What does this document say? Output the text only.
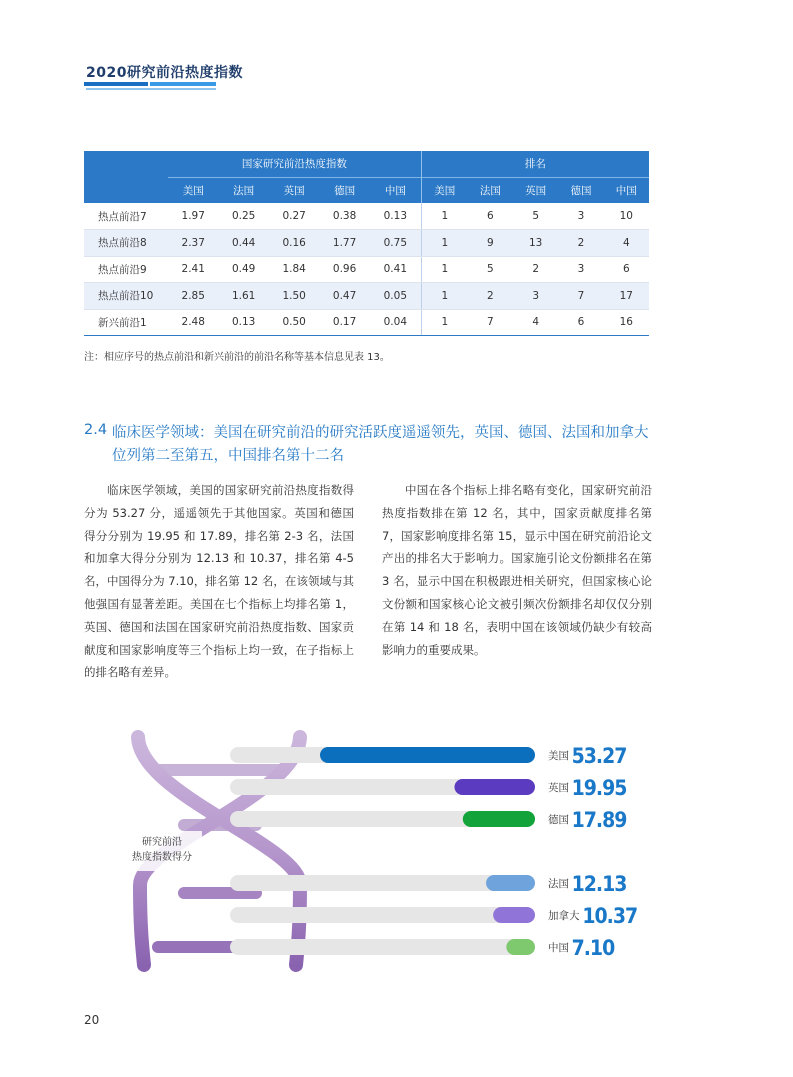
2020研究前沿热度指数
	国家研究前沿热度指数					排名				
	美国	法国	英国	德国	中国	美国	法国	英国	德国	中国
热点前沿7	1.97	0.25	0.27	0.38	0.13	1	6	5	3	10
热点前沿8	2.37	0.44	0.16	1.77	0.75	1	9	13	2	4
热点前沿9	2.41	0.49	1.84	0.96	0.41	1	5	2	3	6
热点前沿10	2.85	1.61	1.50	0.47	0.05	1	2	3	7	17
新兴前沿1	2.48	0.13	0.50	0.17	0.04	1	7	4	6	16
注：相应序号的热点前沿和新兴前沿的前沿名称等基本信息见表 13。
2.4 临床医学领域：美国在研究前沿的研究活跃度遥遥领先，英国、德国、法国和加拿大位列第二至第五，中国排名第十二名

临床医学领域，美国的国家研究前沿热度指数得分为 53.27 分，遥遥领先于其他国家。英国和德国得分分别为 19.95 和 17.89，排名第 2-3 名，法国和加拿大得分分别为 12.13 和 10.37，排名第 4-5 名，中国得分为 7.10，排名第 12 名，在该领域与其他强国有显著差距。美国在七个指标上均排名第 1，英国、德国和法国在国家研究前沿热度指数、国家贡献度和国家影响度等三个指标上均一致，在子指标上的排名略有差异。

中国在各个指标上排名略有变化，国家研究前沿热度指数排在第 12 名，其中，国家贡献度排名第 7，国家影响度排名第 15，显示中国在研究前沿论文产出的排名大于影响力。国家施引论文份额排名在第 3 名，显示中国在积极跟进相关研究，但国家核心论文份额和国家核心论文被引频次份额排名却仅仅分别在第 14 和 18 名，表明中国在该领域仍缺少有较高影响力的重要成果。

研究前沿
热度指数得分
美国 53.27
英国 19.95
德国 17.89
法国 12.13
加拿大 10.37
中国 7.10
20
